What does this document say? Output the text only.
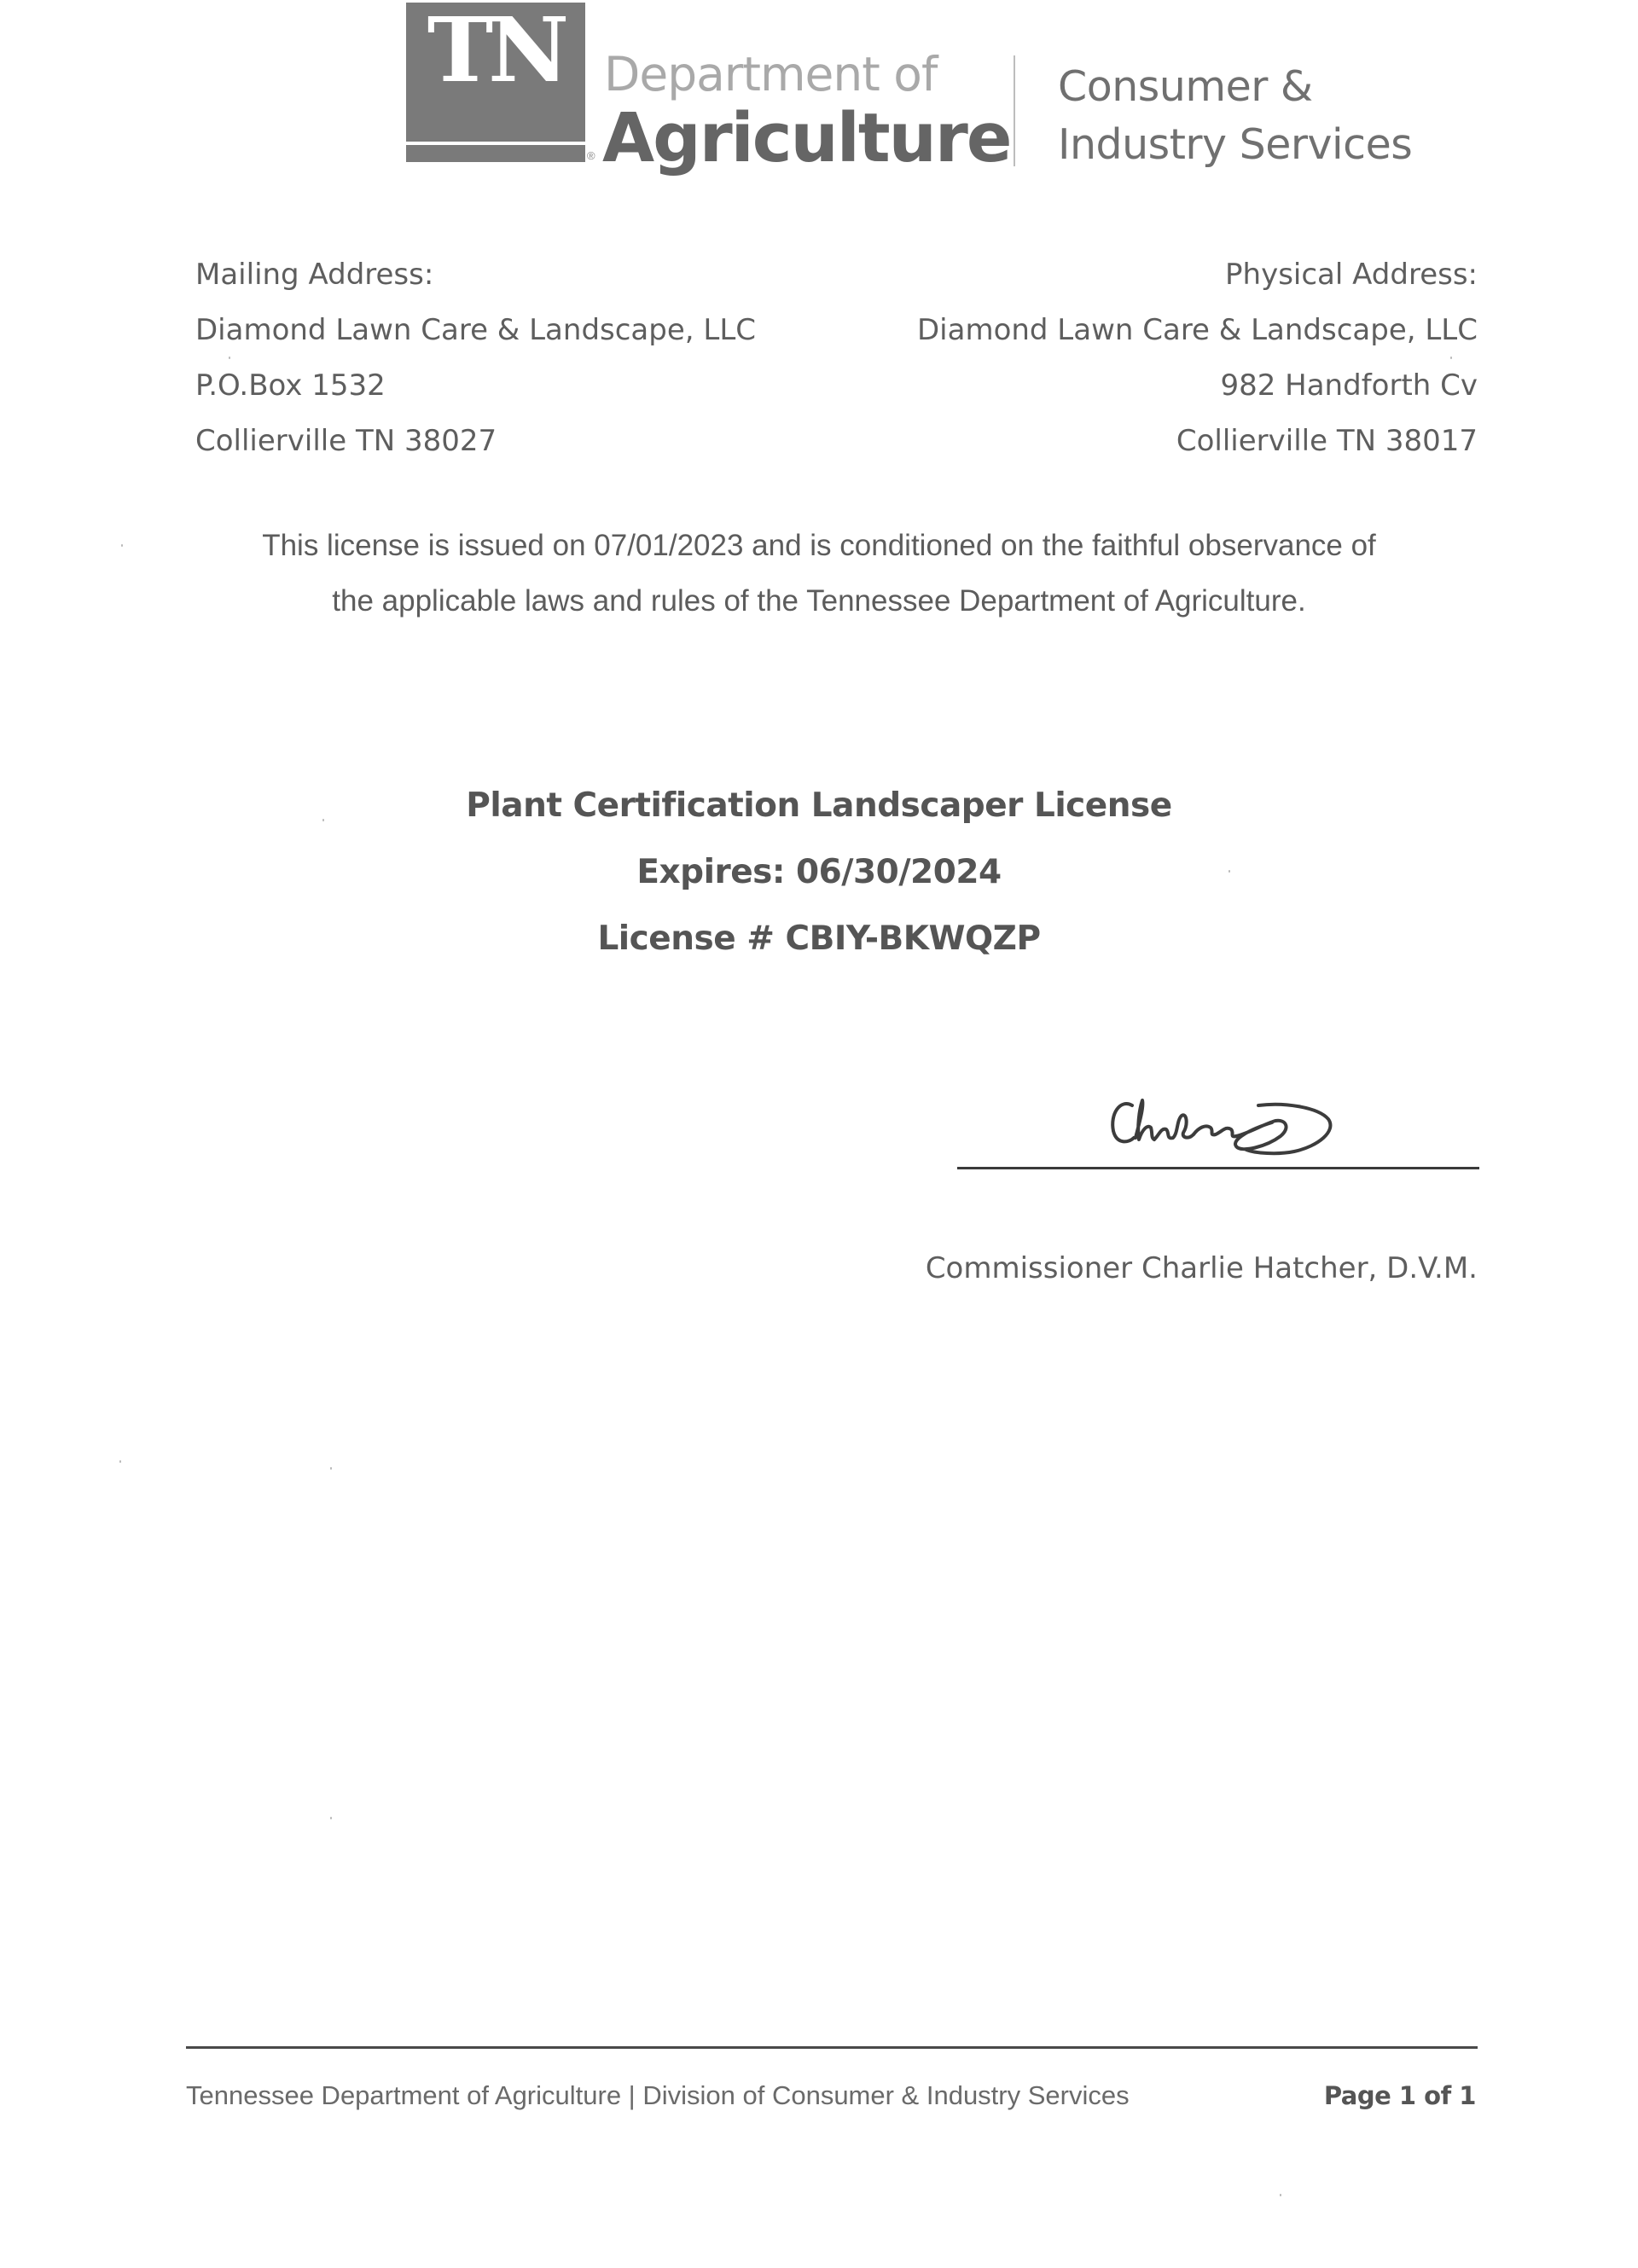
TN
®
Department of
Agriculture
Consumer &
Industry Services
Mailing Address:
Diamond Lawn Care & Landscape, LLC
P.O.Box 1532
Collierville TN 38027
Physical Address:
Diamond Lawn Care & Landscape, LLC
982 Handforth Cv
Collierville TN 38017
This license is issued on 07/01/2023 and is conditioned on the faithful observance of
the applicable laws and rules of the Tennessee Department of Agriculture.
Plant Certification Landscaper License
Expires: 06/30/2024
License # CBIY-BKWQZP
Commissioner Charlie Hatcher, D.V.M.
Tennessee Department of Agriculture | Division of Consumer & Industry Services	Page 1 of 1
